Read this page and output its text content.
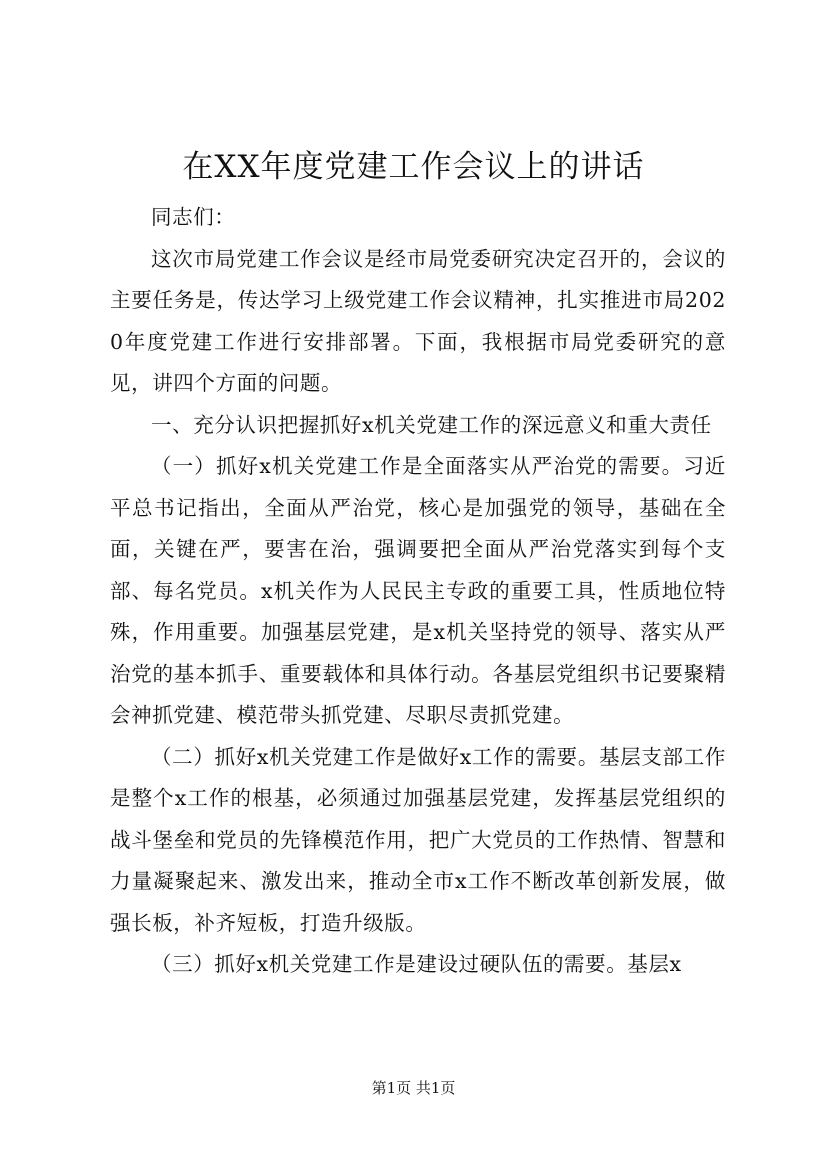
在XX年度党建工作会议上的讲话

同志们：

这次市局党建工作会议是经市局党委研究决定召开的，会议的主要任务是，传达学习上级党建工作会议精神，扎实推进市局2020年度党建工作进行安排部署。下面，我根据市局党委研究的意见，讲四个方面的问题。

一、充分认识把握抓好x机关党建工作的深远意义和重大责任

（一）抓好x机关党建工作是全面落实从严治党的需要。习近平总书记指出，全面从严治党，核心是加强党的领导，基础在全面，关键在严，要害在治，强调要把全面从严治党落实到每个支部、每名党员。x机关作为人民民主专政的重要工具，性质地位特殊，作用重要。加强基层党建，是x机关坚持党的领导、落实从严治党的基本抓手、重要载体和具体行动。各基层党组织书记要聚精会神抓党建、模范带头抓党建、尽职尽责抓党建。

（二）抓好x机关党建工作是做好x工作的需要。基层支部工作是整个x工作的根基，必须通过加强基层党建，发挥基层党组织的战斗堡垒和党员的先锋模范作用，把广大党员的工作热情、智慧和力量凝聚起来、激发出来，推动全市x工作不断改革创新发展，做强长板，补齐短板，打造升级版。

（三）抓好x机关党建工作是建设过硬队伍的需要。基层x

第1页 共1页
